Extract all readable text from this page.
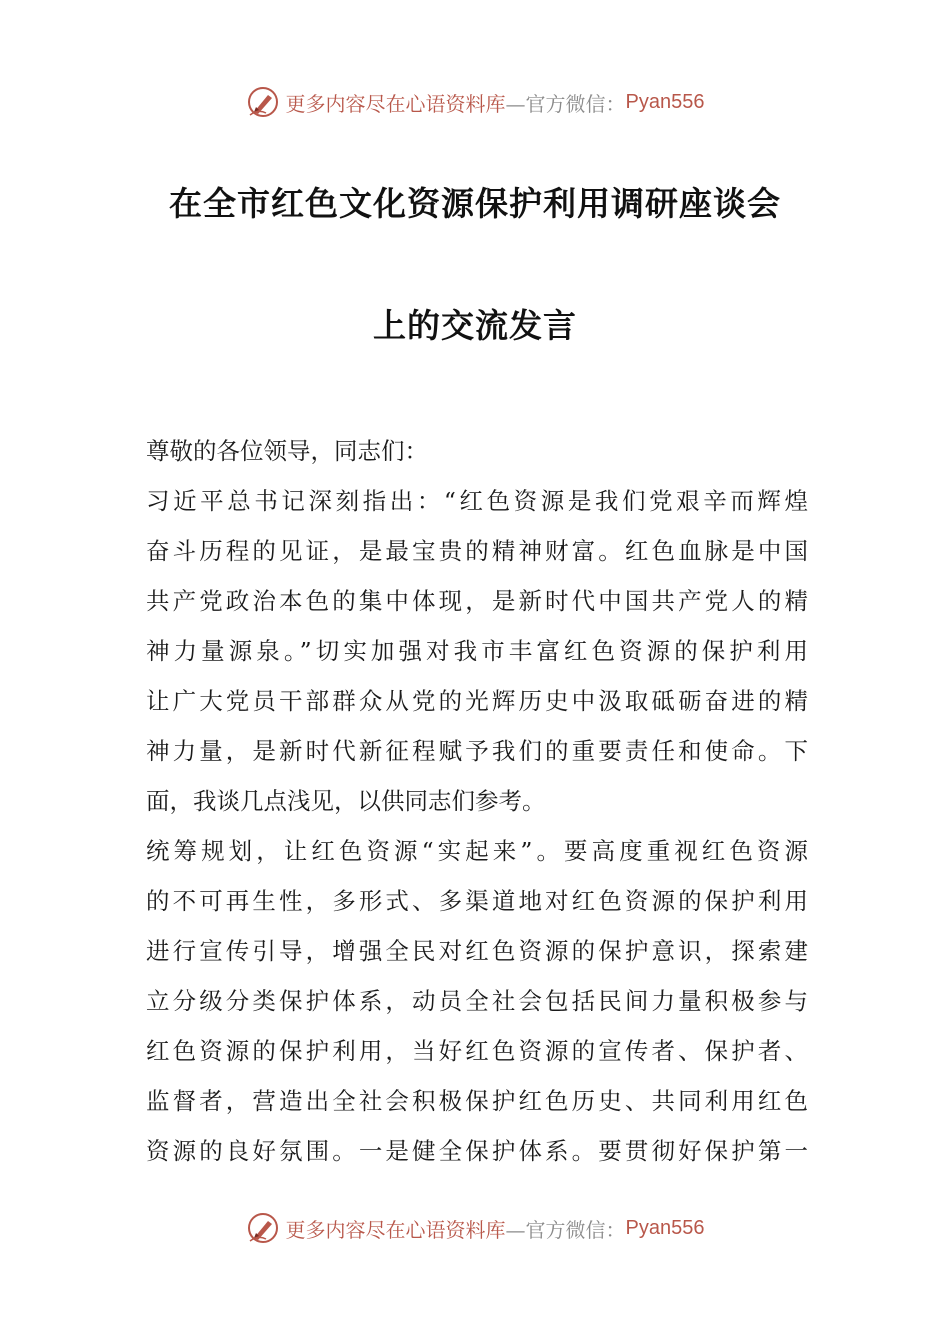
更多内容尽在心语资料库 —官方微信： Pyan556
在全市红色文化资源保护利用调研座谈会
上的交流发言
尊敬的各位领导，同志们：
习近平总书记深刻指出：“红色资源是我们党艰辛而辉煌
奋斗历程的见证，是最宝贵的精神财富。红色血脉是中国
共产党政治本色的集中体现，是新时代中国共产党人的精
神力量源泉。”切实加强对我市丰富红色资源的保护利用
让广大党员干部群众从党的光辉历史中汲取砥砺奋进的精
神力量，是新时代新征程赋予我们的重要责任和使命。下
面，我谈几点浅见，以供同志们参考。
统筹规划，让红色资源“实起来”。要高度重视红色资源
的不可再生性，多形式、多渠道地对红色资源的保护利用
进行宣传引导，增强全民对红色资源的保护意识，探索建
立分级分类保护体系，动员全社会包括民间力量积极参与
红色资源的保护利用，当好红色资源的宣传者、保护者、
监督者，营造出全社会积极保护红色历史、共同利用红色
资源的良好氛围。一是健全保护体系。要贯彻好保护第一
更多内容尽在心语资料库 —官方微信： Pyan556
